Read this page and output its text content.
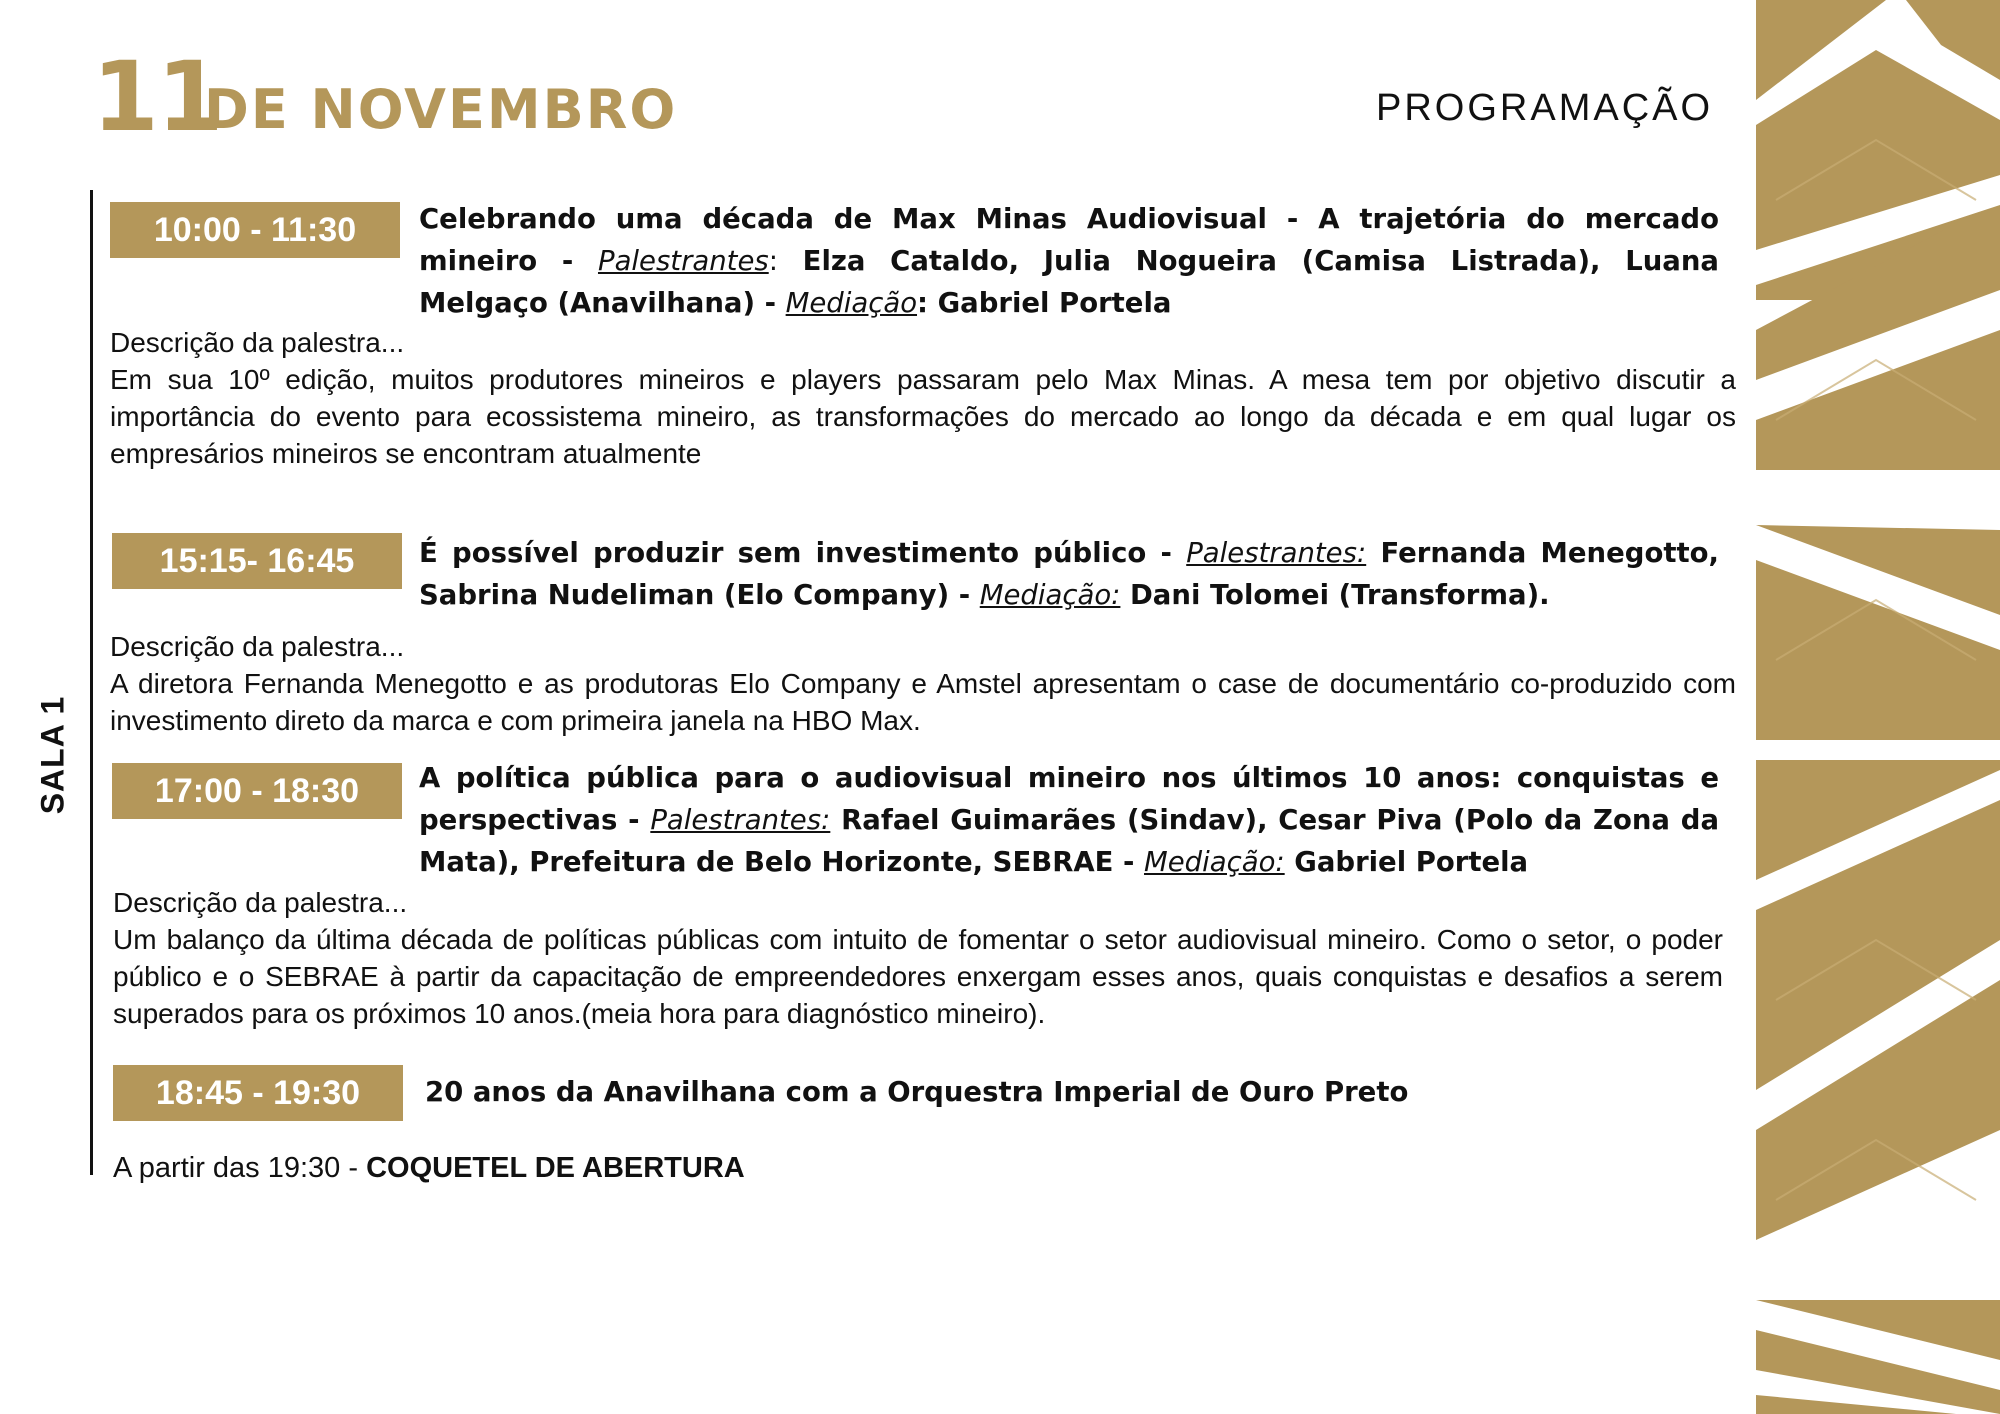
11
DE NOVEMBRO	PROGRAMAÇÃO
SALA 1
10:00 - 11:30	Celebrando uma década de Max Minas Audiovisual - A trajetória do mercado mineiro - Palestrantes: Elza Cataldo, Julia Nogueira (Camisa Listrada), Luana Melgaço (Anavilhana) - Mediação: Gabriel Portela

Descrição da palestra...

Em sua 10º edição, muitos produtores mineiros e players passaram pelo Max Minas. A mesa tem por objetivo discutir a importância do evento para ecossistema mineiro, as transformações do mercado ao longo da década e em qual lugar os empresários mineiros se encontram atualmente

15:15- 16:45	É possível produzir sem investimento público - Palestrantes: Fernanda Menegotto, Sabrina Nudeliman (Elo Company) - Mediação: Dani Tolomei (Transforma).

Descrição da palestra...

A diretora Fernanda Menegotto e as produtoras Elo Company e Amstel apresentam o case de documentário co-produzido com investimento direto da marca e com primeira janela na HBO Max.

17:00 - 18:30	A política pública para o audiovisual mineiro nos últimos 10 anos: conquistas e perspectivas - Palestrantes: Rafael Guimarães (Sindav), Cesar Piva (Polo da Zona da Mata), Prefeitura de Belo Horizonte, SEBRAE - Mediação: Gabriel Portela

Descrição da palestra...

Um balanço da última década de políticas públicas com intuito de fomentar o setor audiovisual mineiro. Como o setor, o poder público e o SEBRAE à partir da capacitação de empreendedores enxergam esses anos, quais conquistas e desafios a serem superados para os próximos 10 anos.(meia hora para diagnóstico mineiro).

18:45 - 19:30	20 anos da Anavilhana com a Orquestra Imperial de Ouro Preto
A partir das 19:30 - COQUETEL DE ABERTURA
